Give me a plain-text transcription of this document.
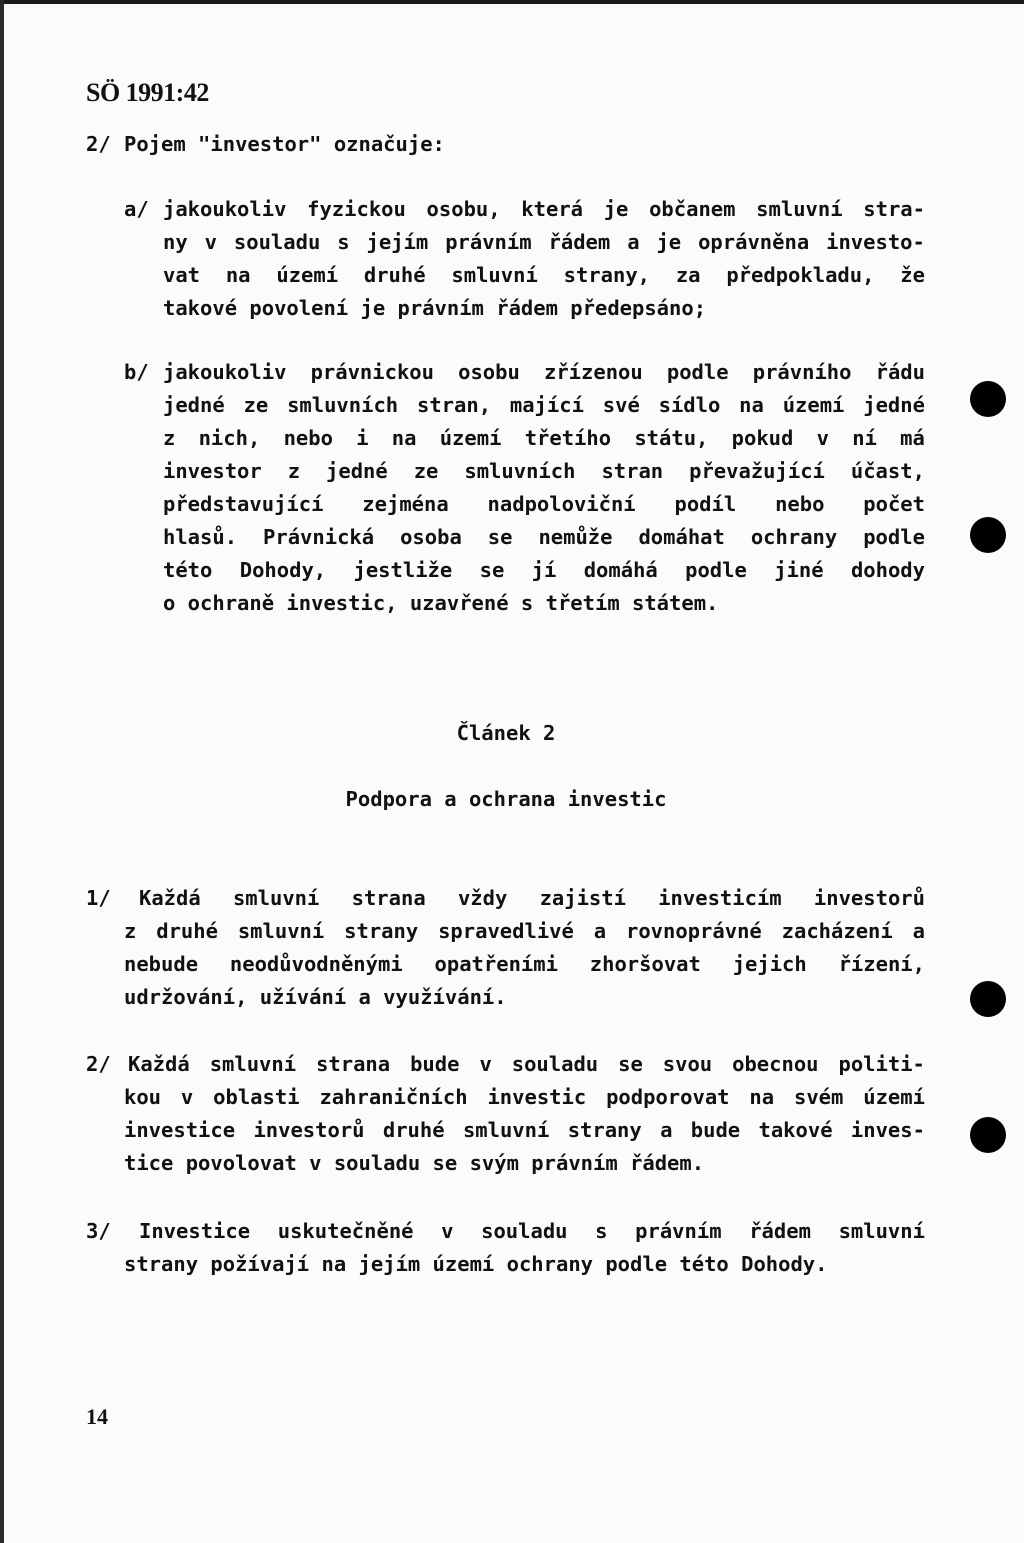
SÖ 1991:42
2/ Pojem "investor" označuje:
a/ jakoukoliv fyzickou osobu, která je občanem smluvní stra-
ny v souladu s jejím právním řádem a je oprávněna investo-
vat na území druhé smluvní strany, za předpokladu, že
takové povolení je právním řádem předepsáno;
b/ jakoukoliv právnickou osobu zřízenou podle právního řádu
jedné ze smluvních stran, mající své sídlo na území jedné
z nich, nebo i na území třetího státu, pokud v ní má
investor z jedné ze smluvních stran převažující účast,
představující zejména nadpoloviční podíl nebo počet
hlasů. Právnická osoba se nemůže domáhat ochrany podle
této Dohody, jestliže se jí domáhá podle jiné dohody
o ochraně investic, uzavřené s třetím státem.
Článek 2
Podpora a ochrana investic
1/ Každá smluvní strana vždy zajistí investicím investorů
z druhé smluvní strany spravedlivé a rovnoprávné zacházení a
nebude neodůvodněnými opatřeními zhoršovat jejich řízení,
udržování, užívání a využívání.
2/ Každá smluvní strana bude v souladu se svou obecnou politi-
kou v oblasti zahraničních investic podporovat na svém území
investice investorů druhé smluvní strany a bude takové inves-
tice povolovat v souladu se svým právním řádem.
3/ Investice uskutečněné v souladu s právním řádem smluvní
strany požívají na jejím území ochrany podle této Dohody.
14
